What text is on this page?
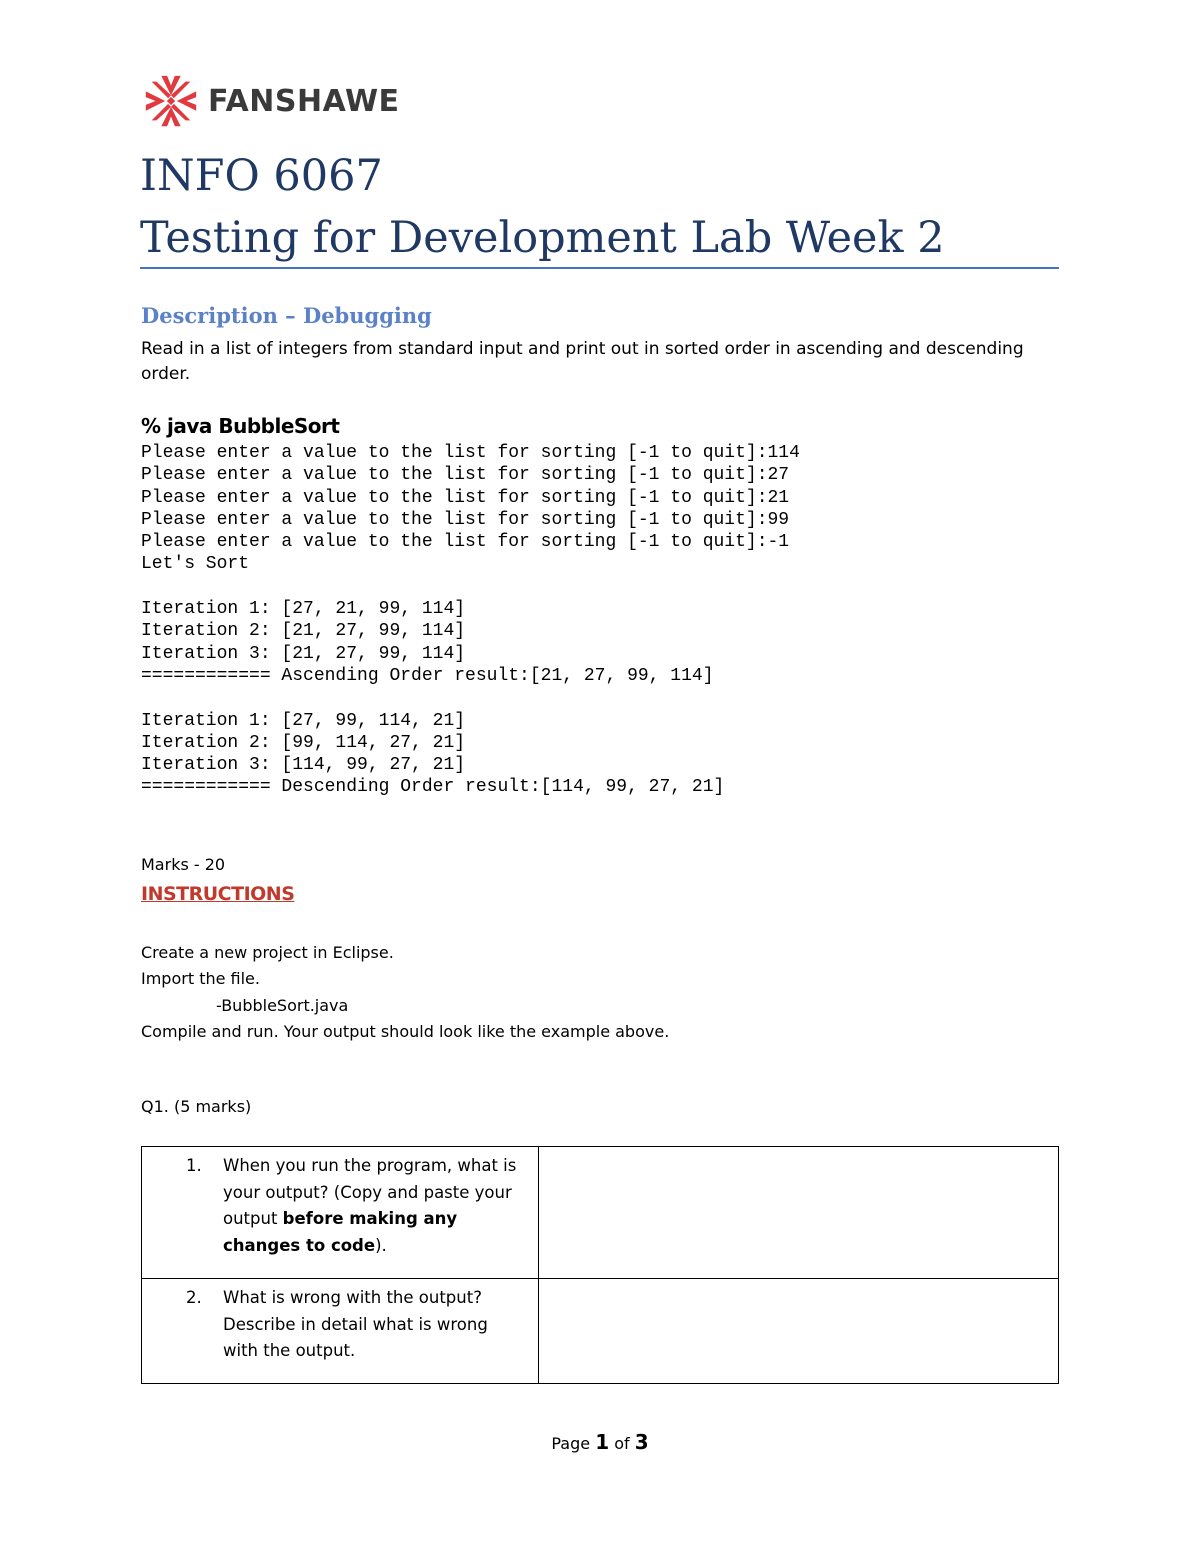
FANSHAWE
INFO 6067
Testing for Development Lab Week 2
Description – Debugging
Read in a list of integers from standard input and print out in sorted order in ascending and descending order.
% java BubbleSort
Please enter a value to the list for sorting [-1 to quit]:114
Please enter a value to the list for sorting [-1 to quit]:27
Please enter a value to the list for sorting [-1 to quit]:21
Please enter a value to the list for sorting [-1 to quit]:99
Please enter a value to the list for sorting [-1 to quit]:-1
Let's Sort

Iteration 1: [27, 21, 99, 114]
Iteration 2: [21, 27, 99, 114]
Iteration 3: [21, 27, 99, 114]
============ Ascending Order result:[21, 27, 99, 114]

Iteration 1: [27, 99, 114, 21]
Iteration 2: [99, 114, 27, 21]
Iteration 3: [114, 99, 27, 21]
============ Descending Order result:[114, 99, 27, 21]
Marks - 20
INSTRUCTIONS
Create a new project in Eclipse.
Import the file.
-BubbleSort.java
Compile and run. Your output should look like the example above.
Q1. (5 marks)
1. When you run the program, what is your output? (Copy and paste your output before making any changes to code).	

2. What is wrong with the output? Describe in detail what is wrong with the output.	

Page 1 of 3
